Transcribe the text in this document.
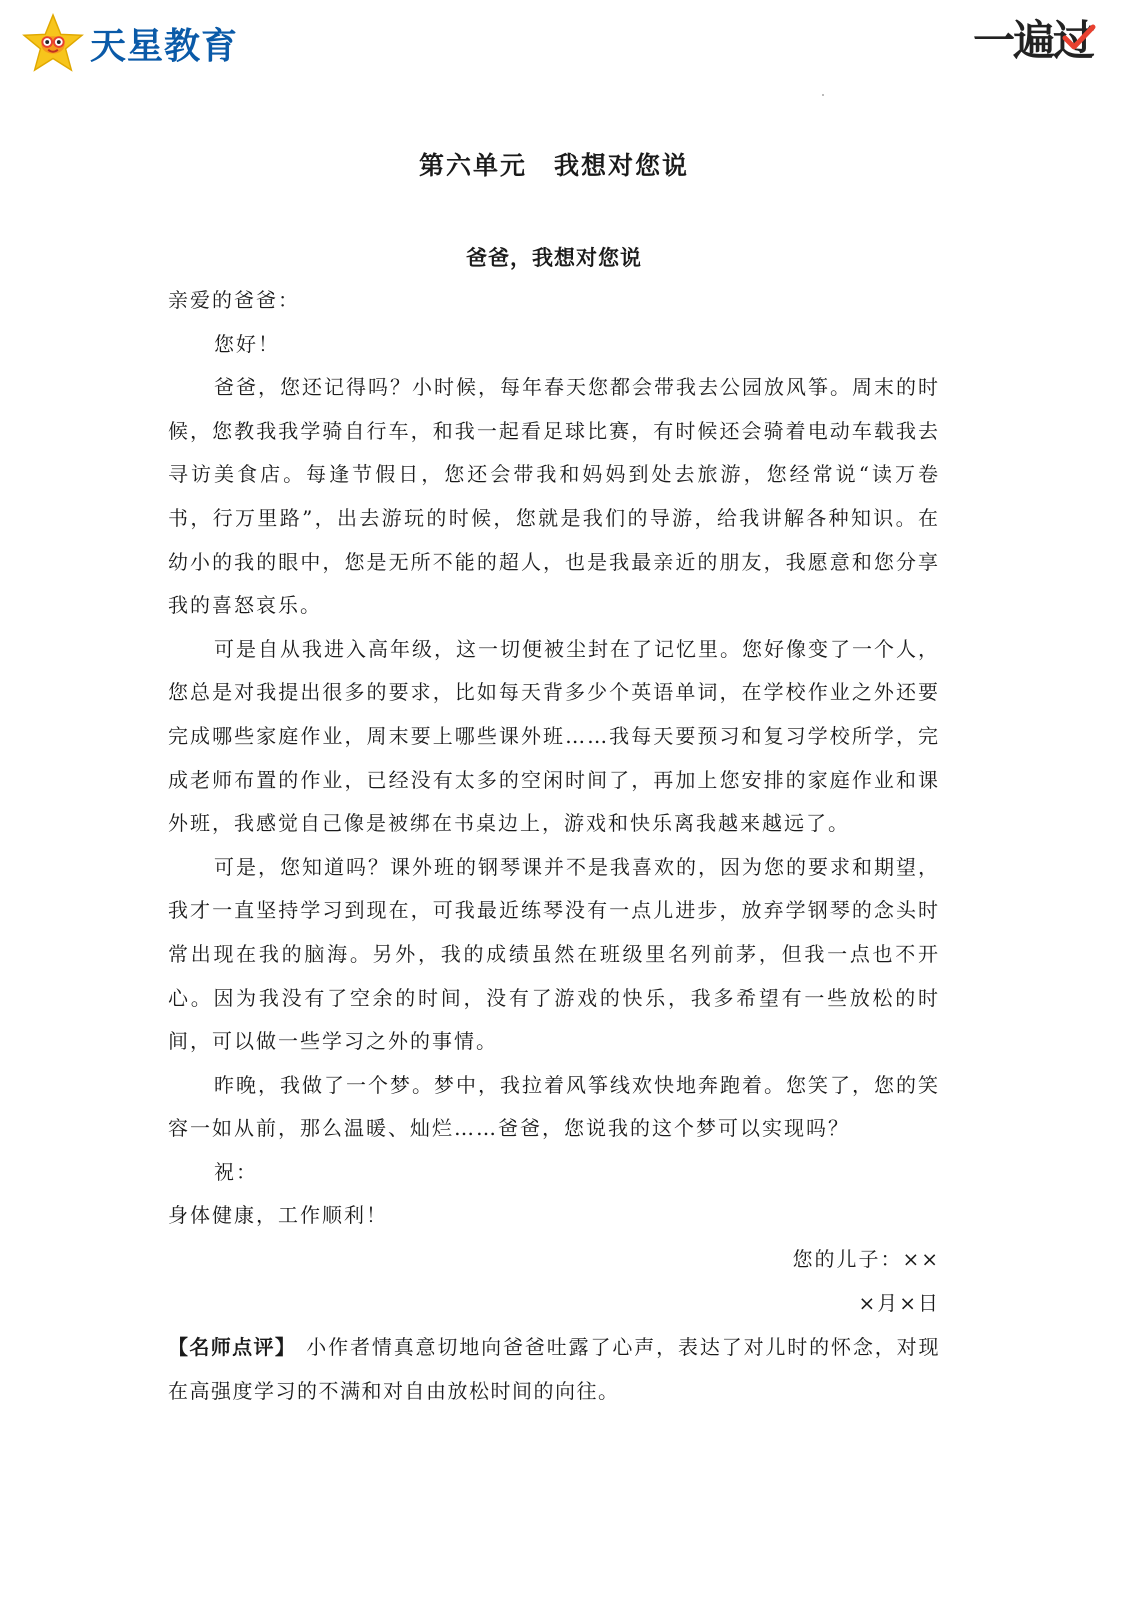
天星教育	一遍过
第六单元　我想对您说
爸爸，我想对您说

亲爱的爸爸：

您好！

爸爸，您还记得吗？小时候，每年春天您都会带我去公园放风筝。周末的时候，您教我我学骑自行车，和我一起看足球比赛，有时候还会骑着电动车载我去寻访美食店。每逢节假日，您还会带我和妈妈到处去旅游，您经常说“读万卷书，行万里路”，出去游玩的时候，您就是我们的导游，给我讲解各种知识。在幼小的我的眼中，您是无所不能的超人，也是我最亲近的朋友，我愿意和您分享我的喜怒哀乐。

可是自从我进入高年级，这一切便被尘封在了记忆里。您好像变了一个人，您总是对我提出很多的要求，比如每天背多少个英语单词，在学校作业之外还要完成哪些家庭作业，周末要上哪些课外班……我每天要预习和复习学校所学，完成老师布置的作业，已经没有太多的空闲时间了，再加上您安排的家庭作业和课外班，我感觉自己像是被绑在书桌边上，游戏和快乐离我越来越远了。

可是，您知道吗？课外班的钢琴课并不是我喜欢的，因为您的要求和期望，我才一直坚持学习到现在，可我最近练琴没有一点儿进步，放弃学钢琴的念头时常出现在我的脑海。另外，我的成绩虽然在班级里名列前茅，但我一点也不开心。因为我没有了空余的时间，没有了游戏的快乐，我多希望有一些放松的时间，可以做一些学习之外的事情。

昨晚，我做了一个梦。梦中，我拉着风筝线欢快地奔跑着。您笑了，您的笑容一如从前，那么温暖、灿烂……爸爸，您说我的这个梦可以实现吗？

祝：

身体健康，工作顺利！

您的儿子：××

×月×日

【名师点评】 小作者情真意切地向爸爸吐露了心声，表达了对儿时的怀念，对现在高强度学习的不满和对自由放松时间的向往。
